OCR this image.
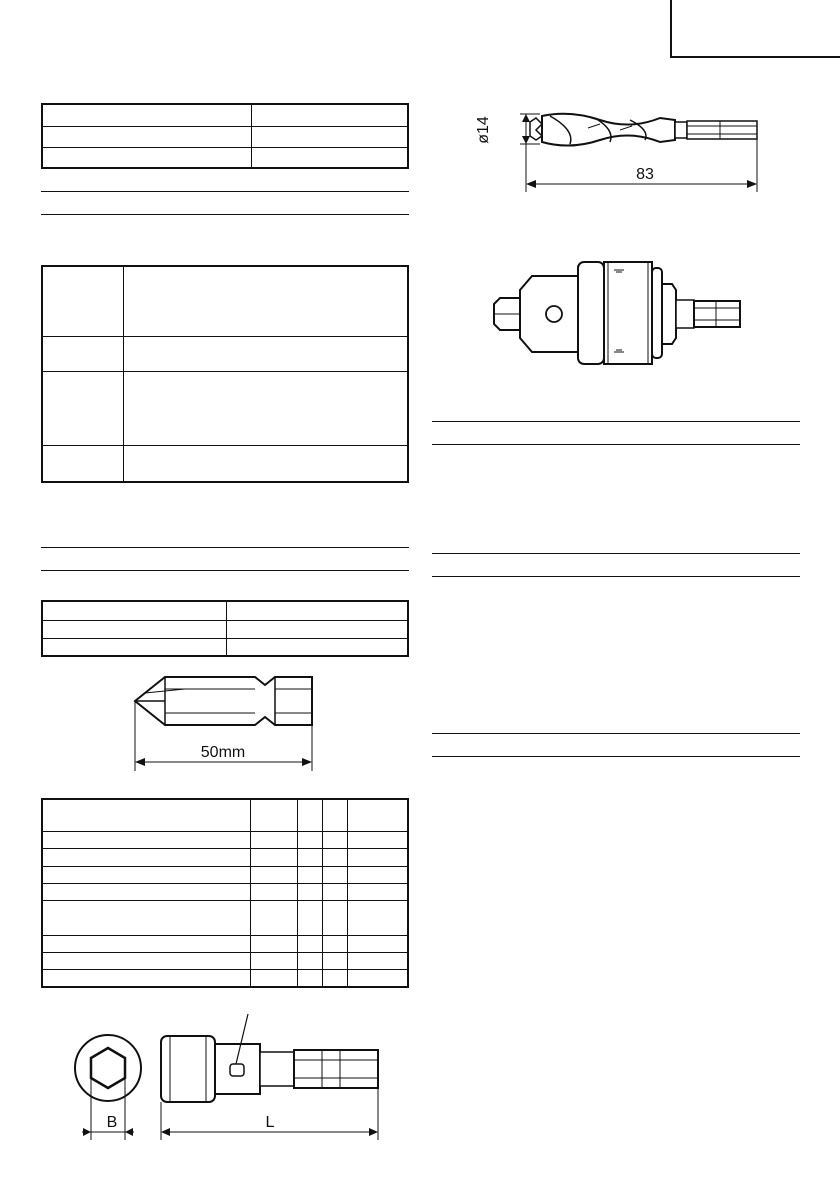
50mm

B	L
ø14
83
